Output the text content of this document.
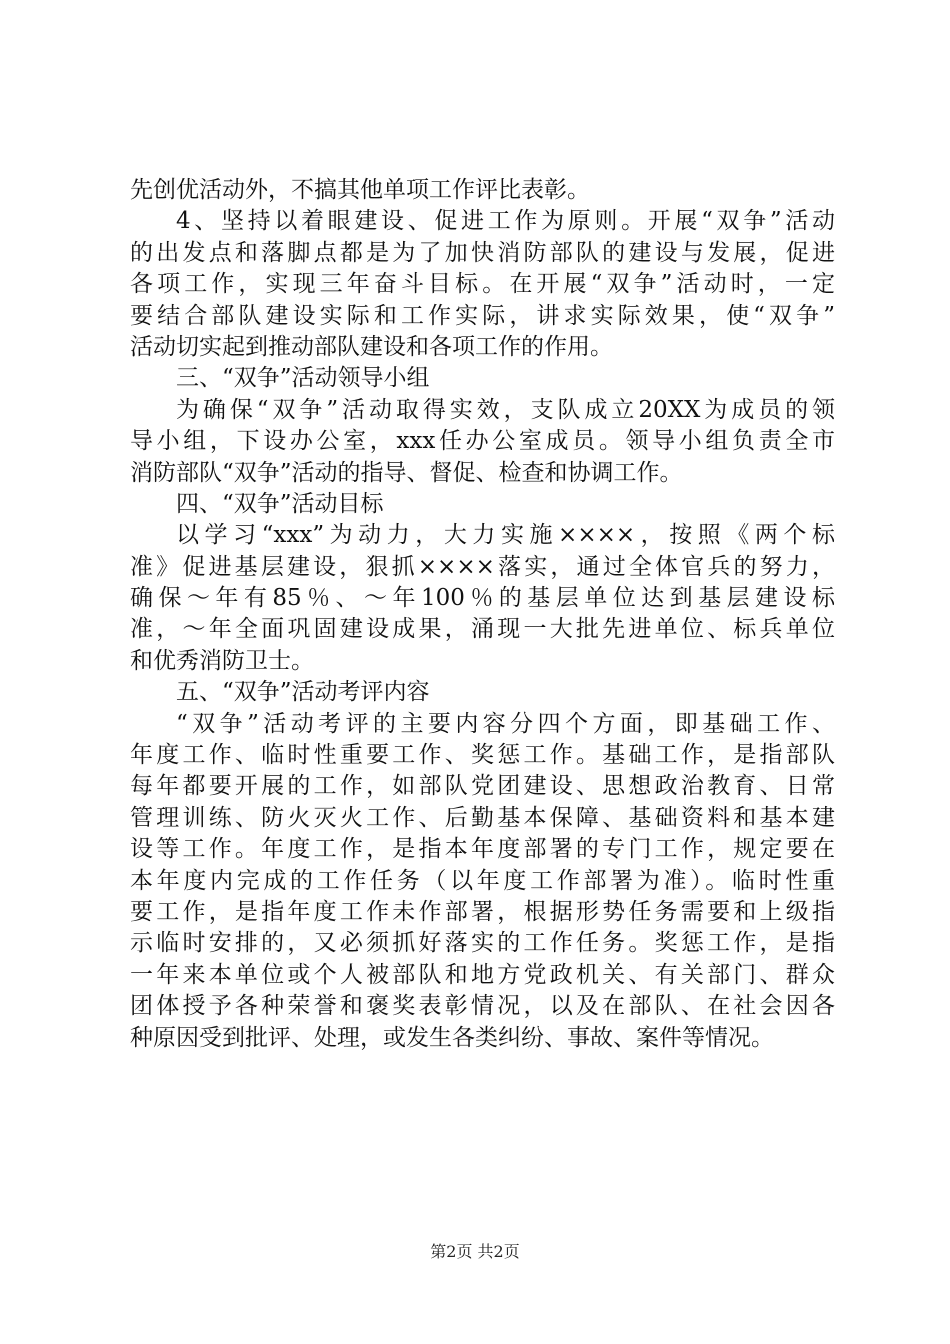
先创优活动外，不搞其他单项工作评比表彰。
4、坚持以着眼建设、促进工作为原则。开展“双争”活动
的出发点和落脚点都是为了加快消防部队的建设与发展，促进
各项工作，实现三年奋斗目标。在开展“双争”活动时，一定
要结合部队建设实际和工作实际，讲求实际效果，使“双争”
活动切实起到推动部队建设和各项工作的作用。
三、“双争”活动领导小组
为确保“双争”活动取得实效，支队成立20XX为成员的领
导小组，下设办公室，xxx任办公室成员。领导小组负责全市
消防部队“双争”活动的指导、督促、检查和协调工作。
四、“双争”活动目标
以学习“xxx”为动力，大力实施××××，按照《两个标
准》促进基层建设，狠抓××××落实，通过全体官兵的努力，
确保～年有85％、～年100％的基层单位达到基层建设标
准，～年全面巩固建设成果，涌现一大批先进单位、标兵单位
和优秀消防卫士。
五、“双争”活动考评内容
“双争”活动考评的主要内容分四个方面，即基础工作、
年度工作、临时性重要工作、奖惩工作。基础工作，是指部队
每年都要开展的工作，如部队党团建设、思想政治教育、日常
管理训练、防火灭火工作、后勤基本保障、基础资料和基本建
设等工作。年度工作，是指本年度部署的专门工作，规定要在
本年度内完成的工作任务（以年度工作部署为准）。临时性重
要工作，是指年度工作未作部署，根据形势任务需要和上级指
示临时安排的，又必须抓好落实的工作任务。奖惩工作，是指
一年来本单位或个人被部队和地方党政机关、有关部门、群众
团体授予各种荣誉和褒奖表彰情况，以及在部队、在社会因各
种原因受到批评、处理，或发生各类纠纷、事故、案件等情况。
第2页 共2页
